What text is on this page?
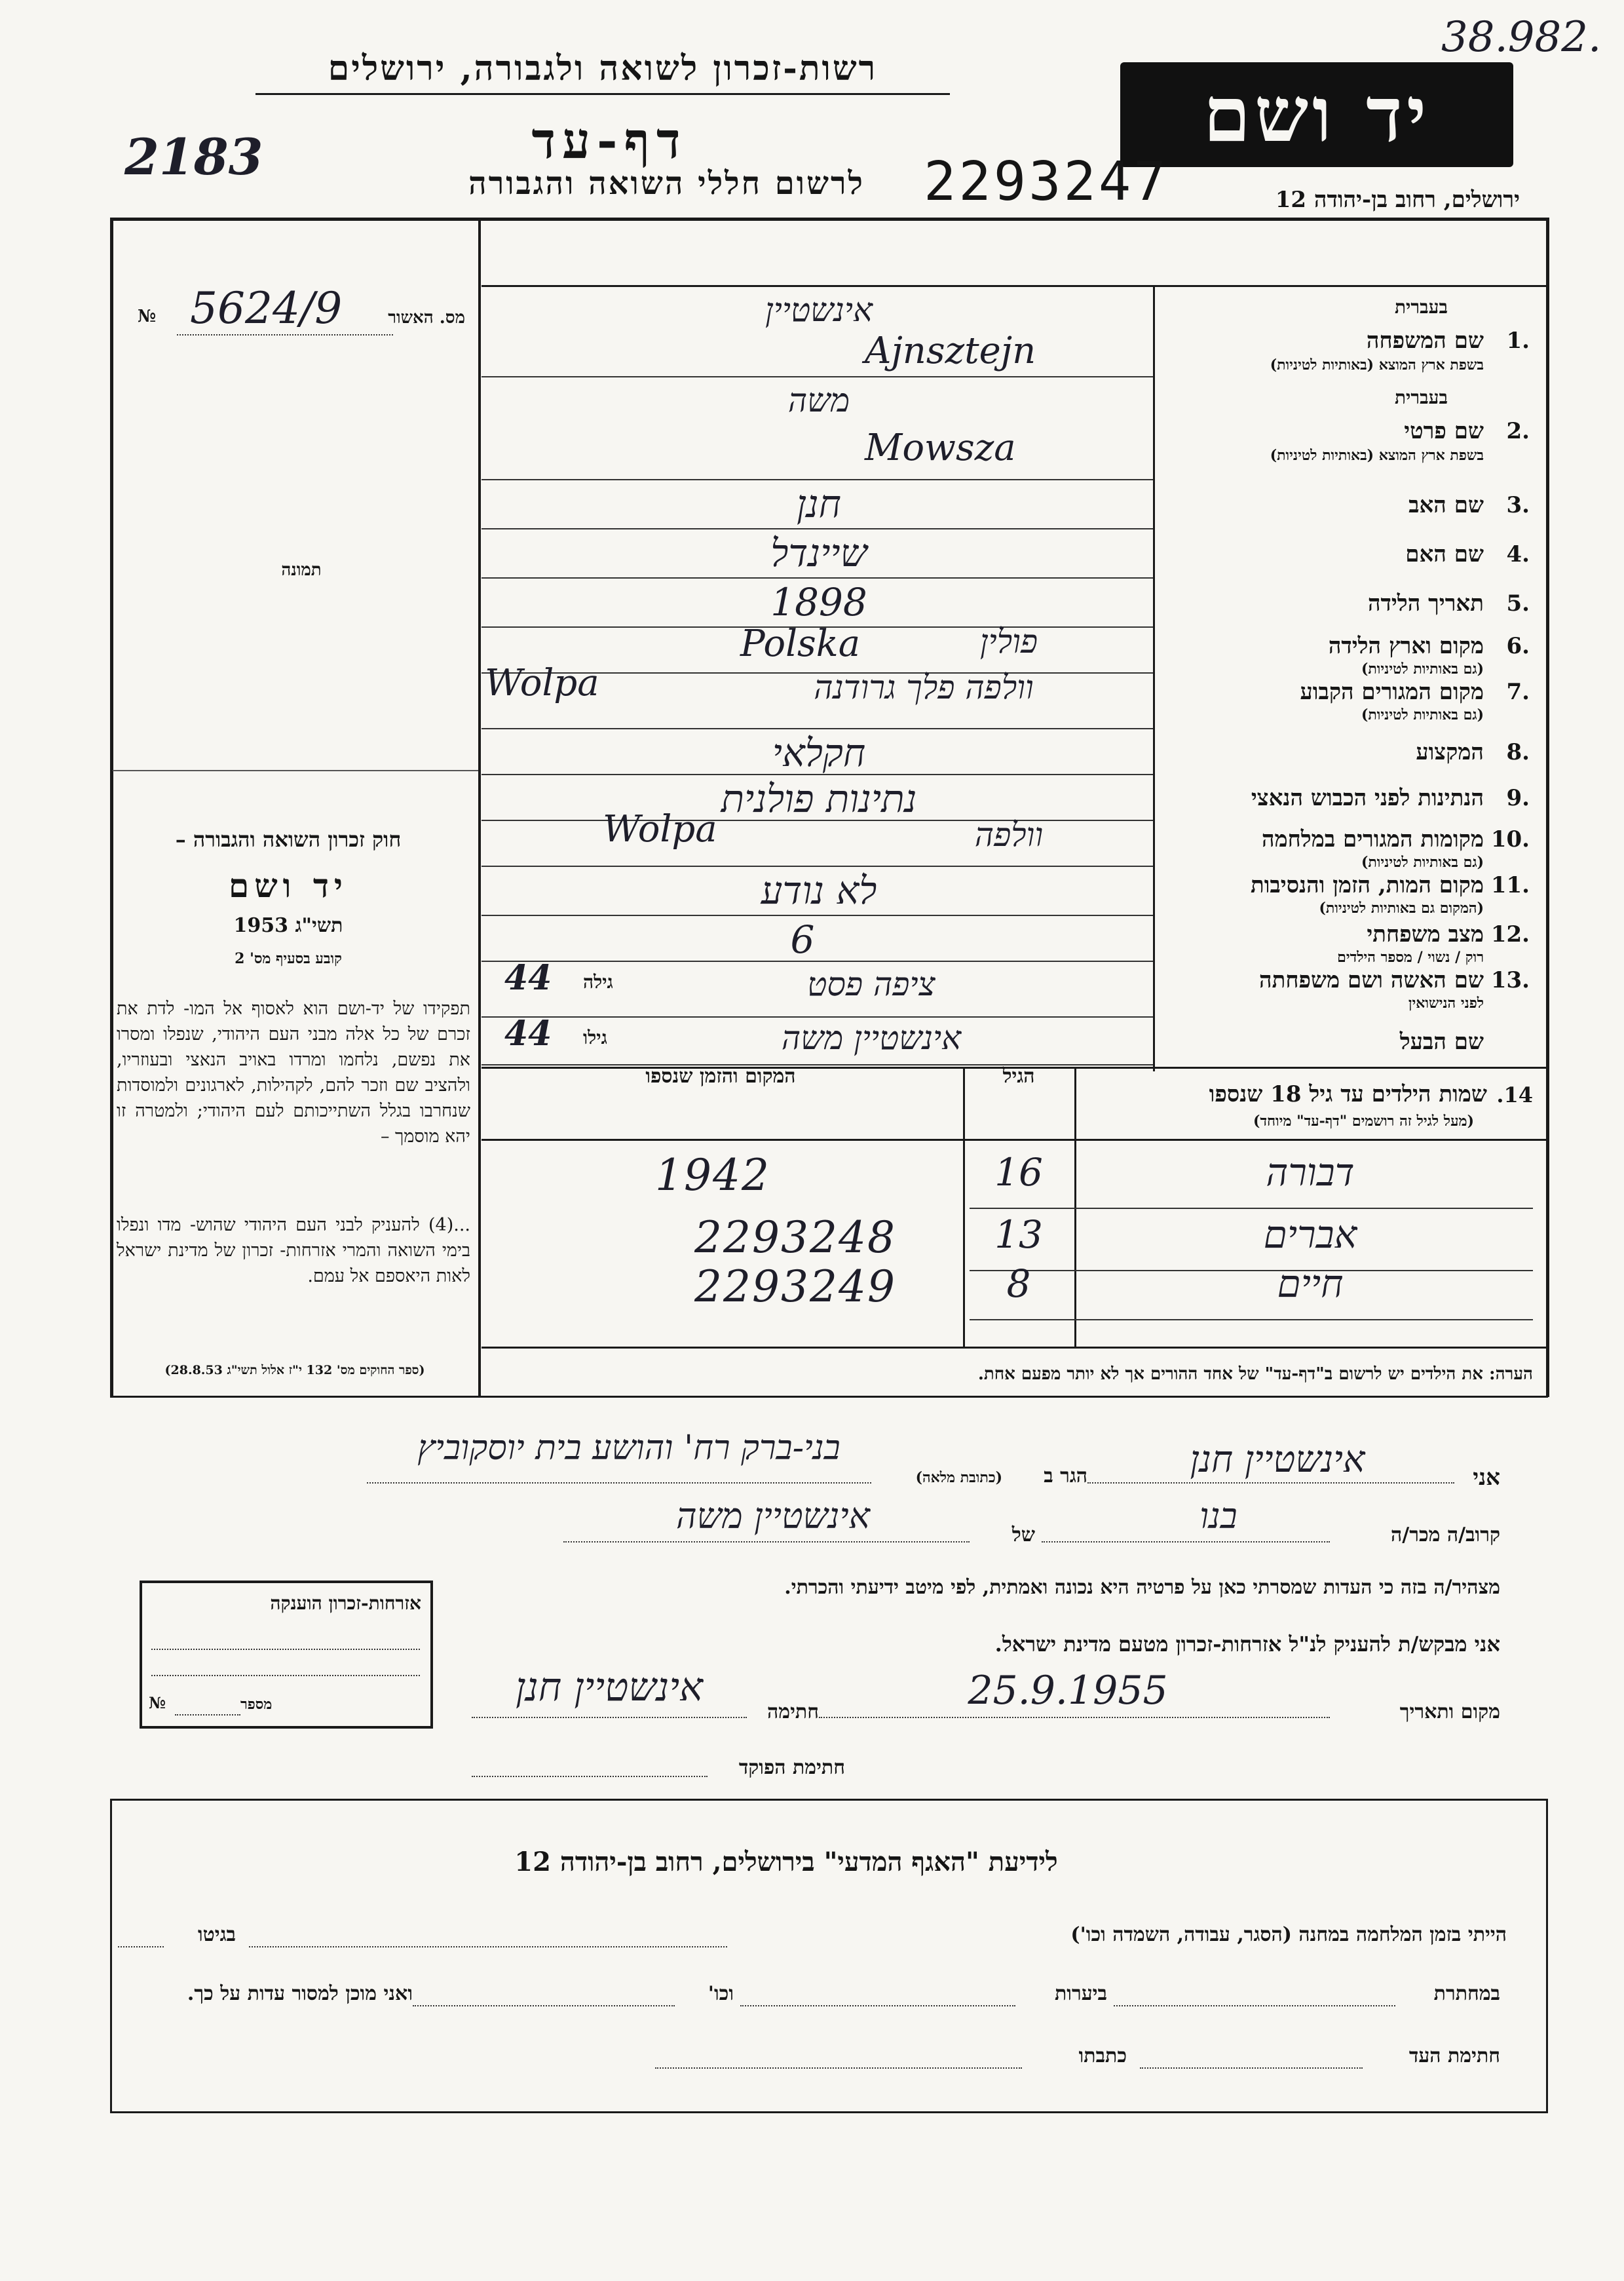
38.982.
2183	יד ושם
רשות-זכרון לשואה ולגבורה, ירושלים
דף-עד
לרשום חללי השואה והגבורה 2293247	ירושלים, רחוב בן-יהודה 12
מס. האשור
5624/9
№
תמונה
חוק זכרון השואה והגבורה –
יד ושם
תשי"ג 1953
קובע בסעיף מס' 2
תפקידו של יד-ושם הוא לאסוף אל המו- לדת את זכרם של כל אלה מבני העם היהודי, שנפלו ומסרו את נפשם, נלחמו ומרדו באויב הנאצי ובעוזריו, ולהציב שם וזכר להם, לקהילות, לארגונים ולמוסדות שנחרבו בגלל השתייכותם לעם היהודי; ולמטרה זו יהא מוסמך –
...(4) להעניק לבני העם היהודי שהוש- מדו ונפלו בימי השואה והמרי אזרחות- זכרון של מדינת ישראל לאות היאספם אל עמם.
(ספר החוקים מס' 132 י"ז אלול תשי"ג 28.8.53)
בעברית
בעברית
שם המשפחה 1.
בשפת ארץ המוצא (באותיות לטיניות)
אינשטיין
Ajnsztejn
שם פרטי 2.
בשפת ארץ המוצא (באותיות לטיניות)
משה
Mowsza
שם האב 3.
חנן
שם האם 4.
שיינדל
תאריך הלידה 5.
1898
מקום וארץ הלידה 6.
(גם באותיות לטיניות)
פולין
Polska
מקום המגורים הקבוע 7.
(גם באותיות לטיניות)
וולפה פלך גרודנה
Wolpa
המקצוע 8.
חקלאי
הנתינות לפני הכבוש הנאצי 9.
נתינות פולנית
מקומות המגורים במלחמה 10.
(גם באותיות לטיניות)
וולפה
Wolpa
מקום המות, הזמן והנסיבות 11.
(המקום גם באותיות לטיניות)
לא נודע
מצב משפחתי 12.
רוק / נשוי / מספר הילדים
6
שם האשה ושם משפחתה 13.
לפני הנישואין
ציפה פסט
גילה
44
שם הבעל
אינשטיין משה
גילו
44
14.
שמות הילדים עד גיל 18 שנספו
(מעל לגיל זה רושמים "דף-עד" מיוחד)
הגיל
המקום והזמן שנספו
דבורה
16
1942
אברים
13
2293248
חיים
8
2293249
הערה: את הילדים יש לרשום ב"דף-עד" של אחד ההורים אך לא יותר מפעם אחת.
אני
אינשטיין חנן
הגר ב
(כתובת מלאה)
בני-ברק רח' והושע בית יוסקוביץ
קרוב/ה מכר/ה
בנו
של
אינשטיין משה
מצהיר/ה בזה כי העדות שמסרתי כאן על פרטיה היא נכונה ואמתית, לפי מיטב ידיעתי והכרתי.
אני מבקש/ת להעניק לנ"ל אזרחות-זכרון מטעם מדינת ישראל.
מקום ותאריך
25.9.1955
חתימה
אינשטיין חנן
חתימת הפוקד
אזרחות-זכרון הוענקה
מספר
№
לידיעת "האגף המדעי" בירושלים, רחוב בן-יהודה 12
הייתי בזמן המלחמה במחנה (הסגר, עבודה, השמדה וכו')
בגיטו
במחתרת
ביערות
וכו'
ואני מוכן למסור עדות על כך.
חתימת העד
כתבתו
